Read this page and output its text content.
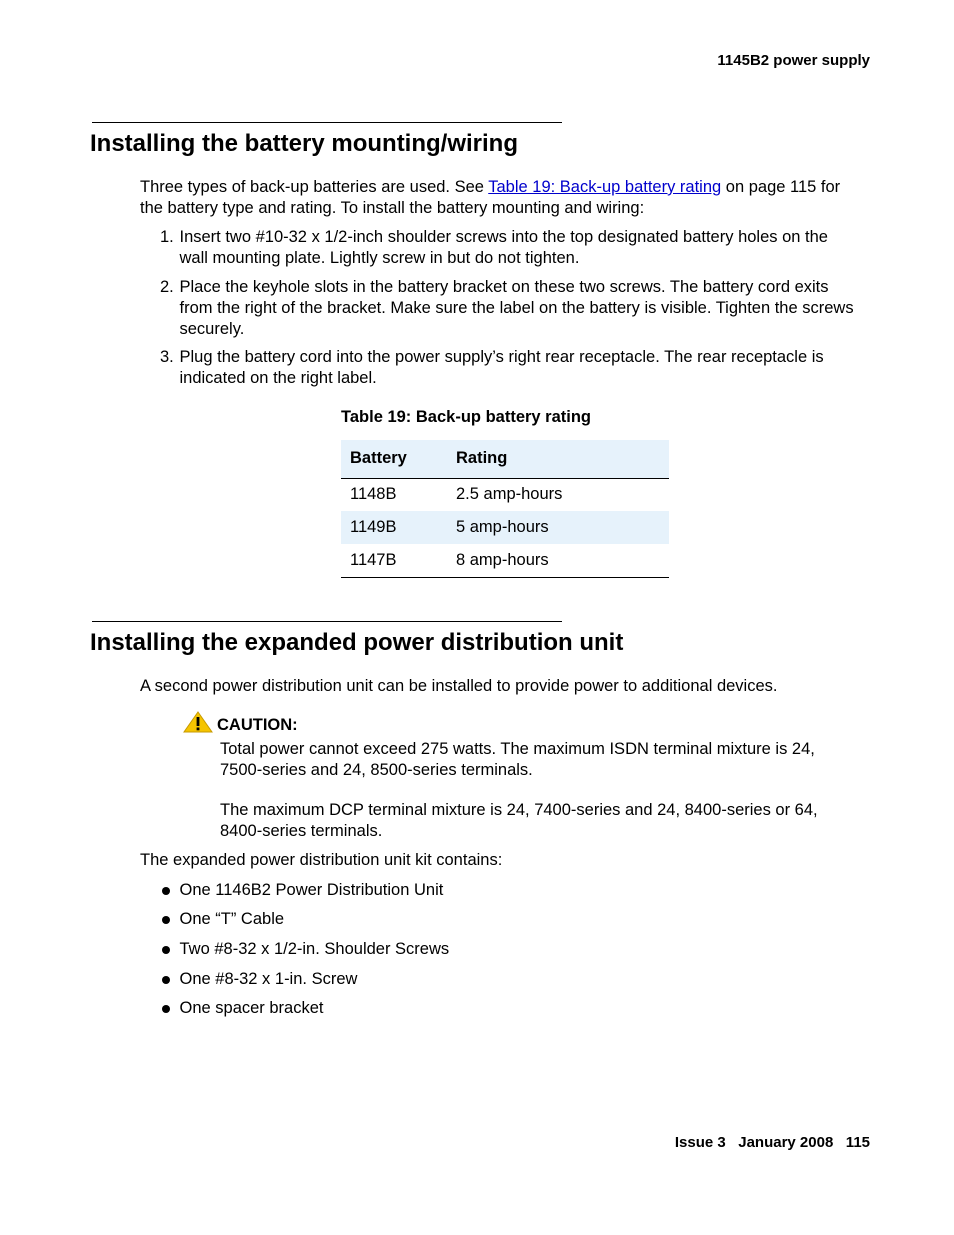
1145B2 power supply
Installing the battery mounting/wiring
Three types of back-up batteries are used. See Table 19: Back-up battery rating on page 115 for the battery type and rating. To install the battery mounting and wiring:
1. Insert two #10-32 x 1/2-inch shoulder screws into the top designated battery holes on the wall mounting plate. Lightly screw in but do not tighten.
2. Place the keyhole slots in the battery bracket on these two screws. The battery cord exits from the right of the bracket. Make sure the label on the battery is visible. Tighten the screws securely.
3. Plug the battery cord into the power supply’s right rear receptacle. The rear receptacle is indicated on the right label.
Table 19: Back-up battery rating
Battery	Rating
1148B	2.5 amp-hours
1149B	5 amp-hours
1147B	8 amp-hours
Installing the expanded power distribution unit
A second power distribution unit can be installed to provide power to additional devices.
CAUTION:
Total power cannot exceed 275 watts. The maximum ISDN terminal mixture is 24, 7500-series and 24, 8500-series terminals.
The maximum DCP terminal mixture is 24, 7400-series and 24, 8400-series or 64, 8400-series terminals.
The expanded power distribution unit kit contains:
One 1146B2 Power Distribution Unit
One “T” Cable
Two #8-32 x 1/2-in. Shoulder Screws
One #8-32 x 1-in. Screw
One spacer bracket
Issue 3   January 2008   115
